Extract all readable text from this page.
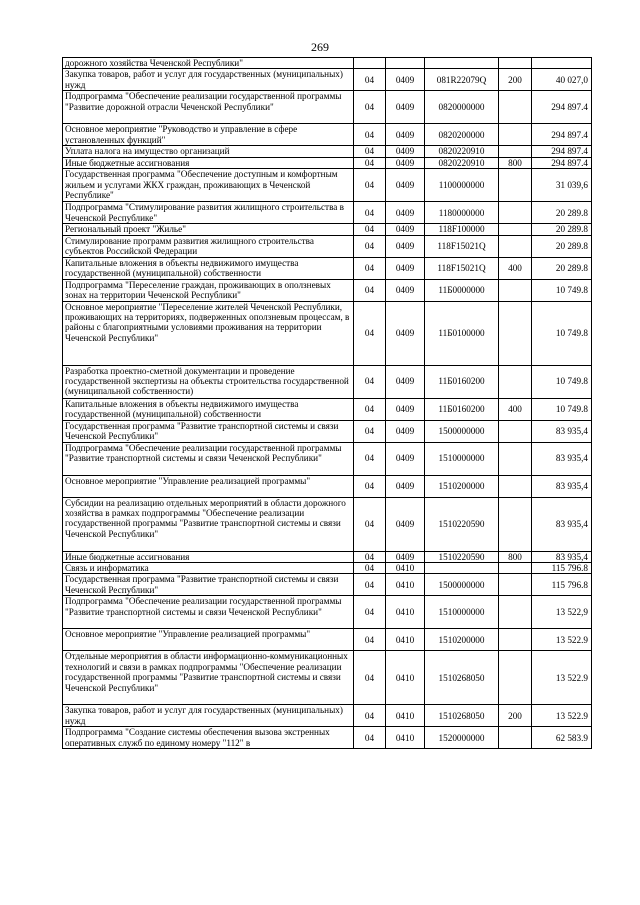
269
дорожного хозяйства Чеченской Республики"					
Закупка товаров, работ и услуг для государственных (муниципальных) нужд	04	0409	081R22079Q	200	40 027,0
Подпрограмма "Обеспечение реализации государственной программы "Развитие дорожной отрасли Чеченской Республики"	04	0409	0820000000		294 897.4
Основное мероприятие "Руководство и управление в сфере установленных функций"	04	0409	0820200000		294 897.4
Уплата налога на имущество организаций	04	0409	0820220910		294 897.4
Иные бюджетные ассигнования	04	0409	0820220910	800	294 897.4
Государственная программа "Обеспечение доступным и комфортным жильем и услугами ЖКХ граждан, проживающих в Чеченской Республике"	04	0409	1100000000		31 039,6
Подпрограмма "Стимулирование развития жилищного строительства в Чеченской Республике"	04	0409	1180000000		20 289.8
Региональный проект "Жилье"	04	0409	118F100000		20 289.8
Стимулирование программ развития жилищного строительства субъектов Российской Федерации	04	0409	118F15021Q		20 289.8
Капитальные вложения в объекты недвижимого имущества государственной (муниципальной) собственности	04	0409	118F15021Q	400	20 289.8
Подпрограмма "Переселение граждан, проживающих в оползневых зонах на территории Чеченской Республики"	04	0409	11Б0000000		10 749.8
Основное мероприятие "Переселение жителей Чеченской Республики, проживающих на территориях, подверженных оползневым процессам, в районы с благоприятными условиями проживания на территории Чеченской Республики"	04	0409	11Б0100000		10 749.8
Разработка проектно-сметной документации и проведение государственной экспертизы на объекты строительства государственной (муниципальной собственности)	04	0409	11Б0160200		10 749.8
Капитальные вложения в объекты недвижимого имущества государственной (муниципальной) собственности	04	0409	11Б0160200	400	10 749.8
Государственная программа "Развитие транспортной системы и связи Чеченской Республики"	04	0409	1500000000		83 935,4
Подпрограмма "Обеспечение реализации государственной программы "Развитие транспортной системы и связи Чеченской Республики"	04	0409	1510000000		83 935,4
Основное мероприятие "Управление реализацией программы"	04	0409	1510200000		83 935,4
Субсидии на реализацию отдельных мероприятий в области дорожного хозяйства в рамках подпрограммы "Обеспечение реализации государственной программы "Развитие транспортной системы и связи Чеченской Республики"	04	0409	1510220590		83 935,4
Иные бюджетные ассигнования	04	0409	1510220590	800	83 935,4
Связь и информатика	04	0410			115 796.8
Государственная программа "Развитие транспортной системы и связи Чеченской Республики"	04	0410	1500000000		115 796.8
Подпрограмма "Обеспечение реализации государственной программы "Развитие транспортной системы и связи Чеченской Республики"	04	0410	1510000000		13 522,9
Основное мероприятие "Управление реализацией программы"	04	0410	1510200000		13 522.9
Отдельные мероприятия в области информационно-коммуникационных технологий и связи в рамках подпрограммы "Обеспечение реализации государственной программы "Развитие транспортной системы и связи Чеченской Республики"	04	0410	1510268050		13 522.9
Закупка товаров, работ и услуг для государственных (муниципальных) нужд	04	0410	1510268050	200	13 522.9
Подпрограмма "Создание системы обеспечения вызова экстренных оперативных служб по единому номеру "112" в	04	0410	1520000000		62 583.9
